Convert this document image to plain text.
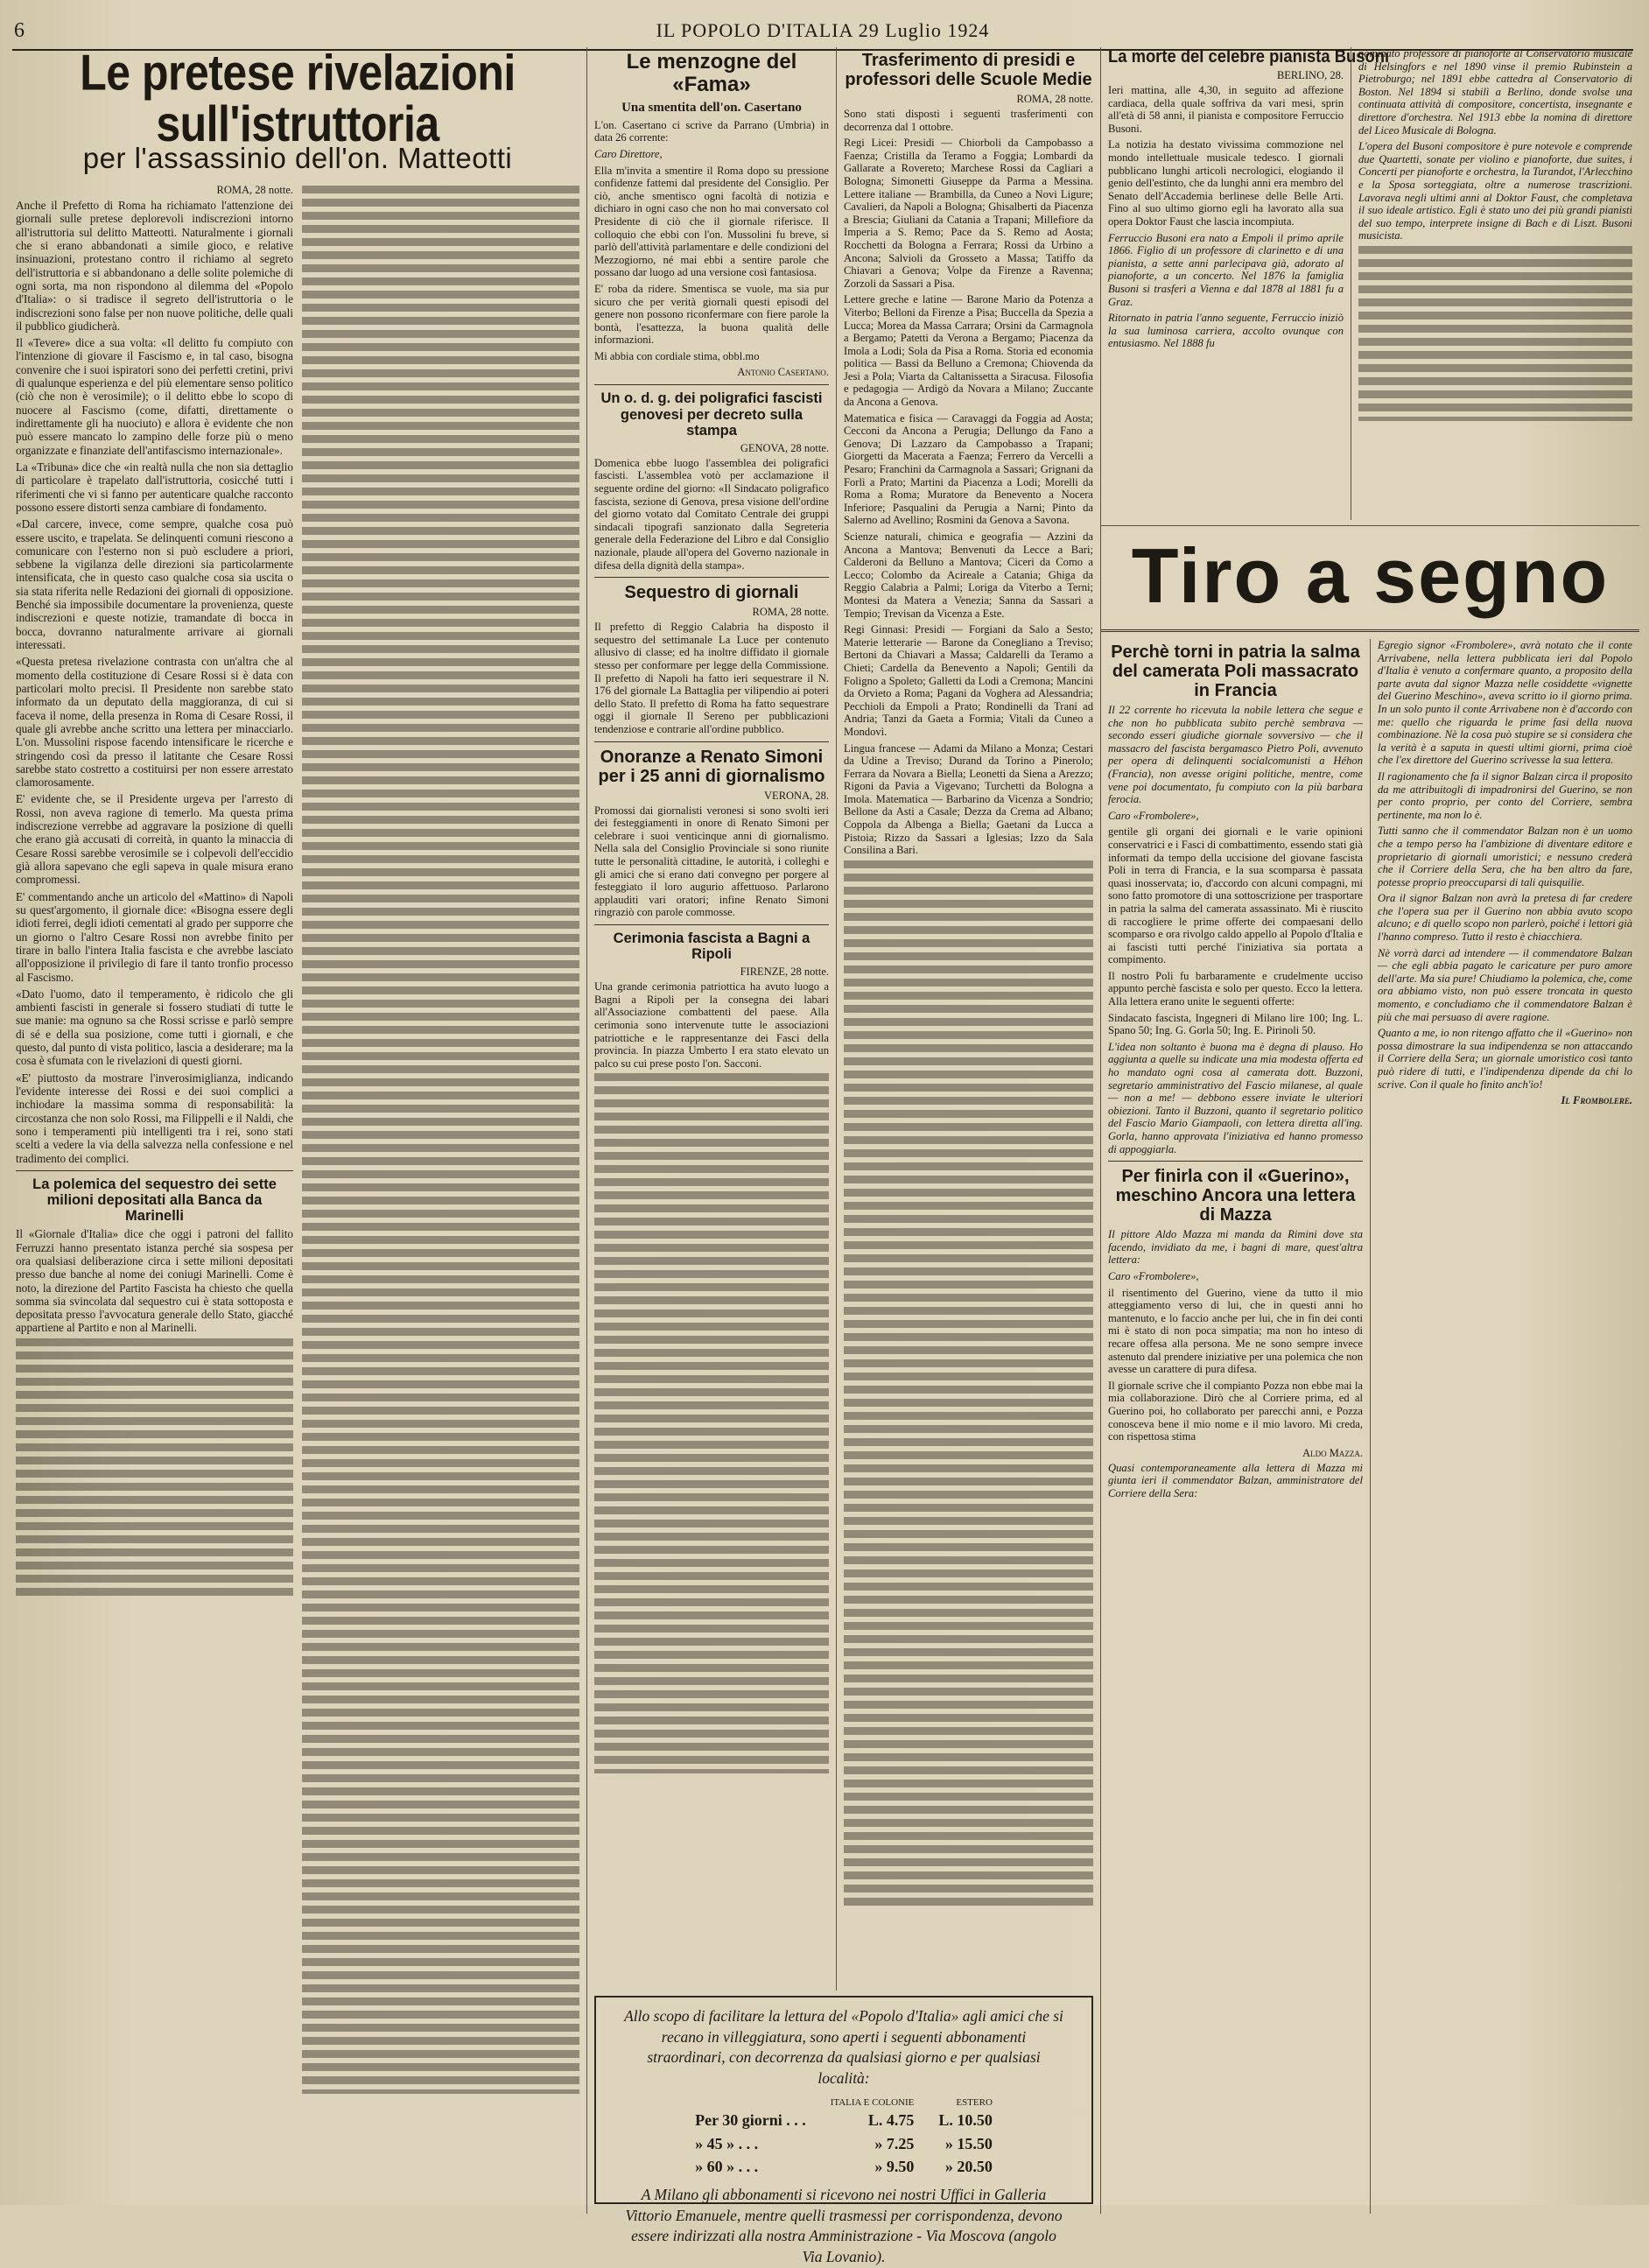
6	IL POPOLO D'ITALIA 29 Luglio 1924
Le pretese rivelazioni sull'istruttoria
per l'assassinio dell'on. Matteotti
ROMA, 28 notte.

Anche il Prefetto di Roma ha richiamato l'attenzione dei giornali sulle pretese deplorevoli indiscrezioni intorno all'istruttoria sul delitto Matteotti. Naturalmente i giornali che si erano abbandonati a simile gioco, e relative insinuazioni, protestano contro il richiamo al segreto dell'istruttoria e si abbandonano a delle solite polemiche di ogni sorta, ma non rispondono al dilemma del «Popolo d'Italia»: o si tradisce il segreto dell'istruttoria o le indiscrezioni sono false per non nuove politiche, delle quali il pubblico giudicherà.

Il «Tevere» dice a sua volta: «Il delitto fu compiuto con l'intenzione di giovare il Fascismo e, in tal caso, bisogna convenire che i suoi ispiratori sono dei perfetti cretini, privi di qualunque esperienza e del più elementare senso politico (ciò che non è verosimile); o il delitto ebbe lo scopo di nuocere al Fascismo (come, difatti, direttamente o indirettamente gli ha nuociuto) e allora è evidente che non può essere mancato lo zampino delle forze più o meno organizzate e finanziate dell'antifascismo internazionale».

La «Tribuna» dice che «in realtà nulla che non sia dettaglio di particolare è trapelato dall'istruttoria, cosicché tutti i riferimenti che vi si fanno per autenticare qualche racconto possono essere distorti senza cambiare di fondamento.

«Dal carcere, invece, come sempre, qualche cosa può essere uscito, e trapelata. Se delinquenti comuni riescono a comunicare con l'esterno non si può escludere a priori, sebbene la vigilanza delle direzioni sia particolarmente intensificata, che in questo caso qualche cosa sia uscita o sia stata riferita nelle Redazioni dei giornali di opposizione. Benché sia impossibile documentare la provenienza, queste indiscrezioni e queste notizie, tramandate di bocca in bocca, dovranno naturalmente arrivare ai giornali interessati.

«Questa pretesa rivelazione contrasta con un'altra che al momento della costituzione di Cesare Rossi si è data con particolari molto precisi. Il Presidente non sarebbe stato informato da un deputato della maggioranza, di cui si faceva il nome, della presenza in Roma di Cesare Rossi, il quale gli avrebbe anche scritto una lettera per minacciarlo. L'on. Mussolini rispose facendo intensificare le ricerche e stringendo così da presso il latitante che Cesare Rossi sarebbe stato costretto a costituirsi per non essere arrestato clamorosamente.

E' evidente che, se il Presidente urgeva per l'arresto di Rossi, non aveva ragione di temerlo. Ma questa prima indiscrezione verrebbe ad aggravare la posizione di quelli che erano già accusati di correità, in quanto la minaccia di Cesare Rossi sarebbe verosimile se i colpevoli dell'eccidio già allora sapevano che egli sapeva in quale misura erano compromessi.

E' commentando anche un articolo del «Mattino» di Napoli su quest'argomento, il giornale dice: «Bisogna essere degli idioti ferrei, degli idioti cementati al grado per supporre che un giorno o l'altro Cesare Rossi non avrebbe finito per tirare in ballo l'intera Italia fascista e che avrebbe lasciato all'opposizione il privilegio di fare il tanto tronfio processo al Fascismo.

«Dato l'uomo, dato il temperamento, è ridicolo che gli ambienti fascisti in generale si fossero studiati di tutte le sue manie: ma ognuno sa che Rossi scrisse e parlò sempre di sé e della sua posizione, come tutti i giornali, e che questo, dal punto di vista politico, lascia a desiderare; ma la cosa è sfumata con le rivelazioni di questi giorni.

«E' piuttosto da mostrare l'inverosimiglianza, indicando l'evidente interesse dei Rossi e dei suoi complici a inchiodare la massima somma di responsabilità: la circostanza che non solo Rossi, ma Filippelli e il Naldi, che sono i temperamenti più intelligenti tra i rei, sono stati scelti a vedere la via della salvezza nella confessione e nel tradimento dei complici.

La polemica del sequestro dei sette milioni depositati alla Banca da Marinelli

Il «Giornale d'Italia» dice che oggi i patroni del fallito Ferruzzi hanno presentato istanza perché sia sospesa per ora qualsiasi deliberazione circa i sette milioni depositati presso due banche al nome dei coniugi Marinelli. Come è noto, la direzione del Partito Fascista ha chiesto che quella somma sia svincolata dal sequestro cui è stata sottoposta e depositata presso l'avvocatura generale dello Stato, giacché appartiene al Partito e non al Marinelli.

Le menzogne del «Fama»
Una smentita dell'on. Casertano

L'on. Casertano ci scrive da Parrano (Umbria) in data 26 corrente:

Caro Direttore,

Ella m'invita a smentire il Roma dopo su pressione confidenze fattemi dal presidente del Consiglio. Per ciò, anche smentisco ogni facoltà di notizia e dichiaro in ogni caso che non ho mai conversato col Presidente di ciò che il giornale riferisce. Il colloquio che ebbi con l'on. Mussolini fu breve, si parlò dell'attività parlamentare e delle condizioni del Mezzogiorno, né mai ebbi a sentire parole che possano dar luogo ad una versione così fantasiosa.

E' roba da ridere. Smentisca se vuole, ma sia pur sicuro che per verità giornali questi episodi del genere non possono riconfermare con fiere parole la bontà, l'esattezza, la buona qualità delle informazioni.

Mi abbia con cordiale stima, obbl.mo

Antonio Casertano.
Un o. d. g. dei poligrafici fascisti genovesi per decreto sulla stampa
GENOVA, 28 notte.

Domenica ebbe luogo l'assemblea dei poligrafici fascisti. L'assemblea votò per acclamazione il seguente ordine del giorno: «Il Sindacato poligrafico fascista, sezione di Genova, presa visione dell'ordine del giorno votato dal Comitato Centrale dei gruppi sindacali tipografi sanzionato dalla Segreteria generale della Federazione del Libro e dal Consiglio nazionale, plaude all'opera del Governo nazionale in difesa della dignità della stampa».

Sequestro di giornali
ROMA, 28 notte.

Il prefetto di Reggio Calabria ha disposto il sequestro del settimanale La Luce per contenuto allusivo di classe; ed ha inoltre diffidato il giornale stesso per conformare per legge della Commissione. Il prefetto di Napoli ha fatto ieri sequestrare il N. 176 del giornale La Battaglia per vilipendio ai poteri dello Stato. Il prefetto di Roma ha fatto sequestrare oggi il giornale Il Sereno per pubblicazioni tendenziose e contrarie all'ordine pubblico.

Onoranze a Renato Simoni per i 25 anni di giornalismo
VERONA, 28.

Promossi dai giornalisti veronesi si sono svolti ieri dei festeggiamenti in onore di Renato Simoni per celebrare i suoi venticinque anni di giornalismo. Nella sala del Consiglio Provinciale si sono riunite tutte le personalità cittadine, le autorità, i colleghi e gli amici che si erano dati convegno per porgere al festeggiato il loro augurio affettuoso. Parlarono applauditi vari oratori; infine Renato Simoni ringraziò con parole commosse.

Cerimonia fascista a Bagni a Ripoli
FIRENZE, 28 notte.

Una grande cerimonia patriottica ha avuto luogo a Bagni a Ripoli per la consegna dei labari all'Associazione combattenti del paese. Alla cerimonia sono intervenute tutte le associazioni patriottiche e le rappresentanze dei Fasci della provincia. In piazza Umberto I era stato elevato un palco su cui prese posto l'on. Sacconi.

Trasferimento di presidi e professori delle Scuole Medie
ROMA, 28 notte.

Sono stati disposti i seguenti trasferimenti con decorrenza dal 1 ottobre.

Regi Licei: Presidi — Chiorboli da Campobasso a Faenza; Cristilla da Teramo a Foggia; Lombardi da Gallarate a Rovereto; Marchese Rossi da Cagliari a Bologna; Simonetti Giuseppe da Parma a Messina. Lettere italiane — Brambilla, da Cuneo a Novi Ligure; Cavalieri, da Napoli a Bologna; Ghisalberti da Piacenza a Brescia; Giuliani da Catania a Trapani; Millefiore da Imperia a S. Remo; Pace da S. Remo ad Aosta; Rocchetti da Bologna a Ferrara; Rossi da Urbino a Ancona; Salvioli da Grosseto a Massa; Tatiffo da Chiavari a Genova; Volpe da Firenze a Ravenna; Zorzoli da Sassari a Pisa.

Lettere greche e latine — Barone Mario da Potenza a Viterbo; Belloni da Firenze a Pisa; Buccella da Spezia a Lucca; Morea da Massa Carrara; Orsini da Carmagnola a Bergamo; Patetti da Verona a Bergamo; Piacenza da Imola a Lodi; Sola da Pisa a Roma. Storia ed economia politica — Bassi da Belluno a Cremona; Chiovenda da Jesi a Pola; Viarta da Caltanissetta a Siracusa. Filosofia e pedagogia — Ardigò da Novara a Milano; Zuccante da Ancona a Genova.

Matematica e fisica — Caravaggi da Foggia ad Aosta; Cecconi da Ancona a Perugia; Dellungo da Fano a Genova; Di Lazzaro da Campobasso a Trapani; Giorgetti da Macerata a Faenza; Ferrero da Vercelli a Pesaro; Franchini da Carmagnola a Sassari; Grignani da Forlì a Prato; Martini da Piacenza a Lodi; Morelli da Roma a Roma; Muratore da Benevento a Nocera Inferiore; Pasqualini da Perugia a Narni; Pinto da Salerno ad Avellino; Rosmini da Genova a Savona.

Scienze naturali, chimica e geografia — Azzini da Ancona a Mantova; Benvenuti da Lecce a Bari; Calderoni da Belluno a Mantova; Ciceri da Como a Lecco; Colombo da Acireale a Catania; Ghiga da Reggio Calabria a Palmi; Loriga da Viterbo a Terni; Montesi da Matera a Venezia; Sanna da Sassari a Tempio; Trevisan da Vicenza a Este.

Regi Ginnasi: Presidi — Forgiani da Salo a Sesto; Materie letterarie — Barone da Conegliano a Treviso; Bertoni da Chiavari a Massa; Caldarelli da Teramo a Chieti; Cardella da Benevento a Napoli; Gentili da Foligno a Spoleto; Galletti da Lodi a Cremona; Mancini da Orvieto a Roma; Pagani da Voghera ad Alessandria; Pecchioli da Empoli a Prato; Rondinelli da Trani ad Andria; Tanzi da Gaeta a Formia; Vitali da Cuneo a Mondovì.

Lingua francese — Adami da Milano a Monza; Cestari da Udine a Treviso; Durand da Torino a Pinerolo; Ferrara da Novara a Biella; Leonetti da Siena a Arezzo; Rigoni da Pavia a Vigevano; Turchetti da Bologna a Imola. Matematica — Barbarino da Vicenza a Sondrio; Bellone da Asti a Casale; Dezza da Crema ad Albano; Coppola da Albenga a Biella; Gaetani da Lucca a Pistoia; Rizzo da Sassari a Iglesias; Izzo da Sala Consilina a Bari.

La morte del celebre pianista Busoni
BERLINO, 28.

Ieri mattina, alle 4,30, in seguito ad affezione cardiaca, della quale soffriva da vari mesi, sprin all'età di 58 anni, il pianista e compositore Ferruccio Busoni.

La notizia ha destato vivissima commozione nel mondo intellettuale musicale tedesco. I giornali pubblicano lunghi articoli necrologici, elogiando il genio dell'estinto, che da lunghi anni era membro del Senato dell'Accademia berlinese delle Belle Arti. Fino al suo ultimo giorno egli ha lavorato alla sua opera Doktor Faust che lascia incompiuta.

Ferruccio Busoni era nato a Empoli il primo aprile 1866. Figlio di un professore di clarinetto e di una pianista, a sette anni parlecipava già, adorato al pianoforte, a un concerto. Nel 1876 la famiglia Busoni si trasferì a Vienna e dal 1878 al 1881 fu a Graz.

Ritornato in patria l'anno seguente, Ferruccio iniziò la sua luminosa carriera, accolto ovunque con entusiasmo. Nel 1888 fu

nominato professore di pianoforte al Conservatorio musicale di Helsingfors e nel 1890 vinse il premio Rubinstein a Pietroburgo; nel 1891 ebbe cattedra al Conservatorio di Boston. Nel 1894 si stabilì a Berlino, donde svolse una continuata attività di compositore, concertista, insegnante e direttore d'orchestra. Nel 1913 ebbe la nomina di direttore del Liceo Musicale di Bologna.

L'opera del Busoni compositore è pure notevole e comprende due Quartetti, sonate per violino e pianoforte, due suites, i Concerti per pianoforte e orchestra, la Turandot, l'Arlecchino e la Sposa sorteggiata, oltre a numerose trascrizioni. Lavorava negli ultimi anni al Doktor Faust, che completava il suo ideale artistico. Egli è stato uno dei più grandi pianisti del suo tempo, interprete insigne di Bach e di Liszt. Busoni musicista.

Tiro a segno
Perchè torni in patria la salma del camerata Poli massacrato in Francia

Il 22 corrente ho ricevuta la nobile lettera che segue e che non ho pubblicata subito perchè sembrava — secondo esseri giudiche giornale sovversivo — che il massacro del fascista bergamasco Pietro Poli, avvenuto per opera di delinquenti socialcomunisti a Héhon (Francia), non avesse origini politiche, mentre, come vene poi documentato, fu compiuto con la più barbara ferocia.

Caro «Frombolere»,

gentile gli organi dei giornali e le varie opinioni conservatrici e i Fasci di combattimento, essendo stati già informati da tempo della uccisione del giovane fascista Poli in terra di Francia, e la sua scomparsa è passata quasi inosservata; io, d'accordo con alcuni compagni, mi sono fatto promotore di una sottoscrizione per trasportare in patria la salma del camerata assassinato. Mi è riuscito di raccogliere le prime offerte dei compaesani dello scomparso e ora rivolgo caldo appello al Popolo d'Italia e ai fascisti tutti perché l'iniziativa sia portata a compimento.

Il nostro Poli fu barbaramente e crudelmente ucciso appunto perchè fascista e solo per questo. Ecco la lettera. Alla lettera erano unite le seguenti offerte:

Sindacato fascista, Ingegneri di Milano lire 100; Ing. L. Spano 50; Ing. G. Gorla 50; Ing. E. Pirinoli 50.

L'idea non soltanto è buona ma è degna di plauso. Ho aggiunta a quelle su indicate una mia modesta offerta ed ho mandato ogni cosa al camerata dott. Buzzoni, segretario amministrativo del Fascio milanese, al quale — non a me! — debbono essere inviate le ulteriori obiezioni. Tanto il Buzzoni, quanto il segretario politico del Fascio Mario Giampaoli, con lettera diretta all'ing. Gorla, hanno approvata l'iniziativa ed hanno promesso di appoggiarla.

Per finirla con il «Guerino», meschino Ancora una lettera di Mazza

Il pittore Aldo Mazza mi manda da Rimini dove sta facendo, invidiato da me, i bagni di mare, quest'altra lettera:

Caro «Frombolere»,

il risentimento del Guerino, viene da tutto il mio atteggiamento verso di lui, che in questi anni ho mantenuto, e lo faccio anche per lui, che in fin dei conti mi è stato di non poca simpatia; ma non ho inteso di recare offesa alla persona. Me ne sono sempre invece astenuto dal prendere iniziative per una polemica che non avesse un carattere di pura difesa.

Il giornale scrive che il compianto Pozza non ebbe mai la mia collaborazione. Dirò che al Corriere prima, ed al Guerino poi, ho collaborato per parecchi anni, e Pozza conosceva bene il mio nome e il mio lavoro. Mi creda, con rispettosa stima

Aldo Mazza.

Quasi contemporaneamente alla lettera di Mazza mi giunta ieri il commendator Balzan, amministratore del Corriere della Sera:

Egregio signor «Frombolere», avrà notato che il conte Arrivabene, nella lettera pubblicata ieri dal Popolo d'Italia è venuto a confermare quanto, a proposito della parte avuta dal signor Mazza nelle cosiddette «vignette del Guerino Meschino», aveva scritto io il giorno prima. In un solo punto il conte Arrivabene non è d'accordo con me: quello che riguarda le prime fasi della nuova combinazione. Nè la cosa può stupire se si considera che la verità è a saputa in questi ultimi giorni, prima cioè che l'ex direttore del Guerino scrivesse la sua lettera.

Il ragionamento che fa il signor Balzan circa il proposito da me attribuitogli di impadronirsi del Guerino, se non per conto proprio, per conto del Corriere, sembra pertinente, ma non lo è.

Tutti sanno che il commendator Balzan non è un uomo che a tempo perso ha l'ambizione di diventare editore e proprietario di giornali umoristici; e nessuno crederà che il Corriere della Sera, che ha ben altro da fare, potesse proprio preoccuparsi di tali quisquilie.

Ora il signor Balzan non avrà la pretesa di far credere che l'opera sua per il Guerino non abbia avuto scopo alcuno; e di quello scopo non parlerò, poiché i lettori già l'hanno compreso. Tutto il resto è chiacchiera.

Nè vorrà darci ad intendere — il commendatore Balzan — che egli abbia pagato le caricature per puro amore dell'arte. Ma sia pure! Chiudiamo la polemica, che, come ora abbiamo visto, non può essere troncata in questo momento, e concludiamo che il commendatore Balzan è più che mai persuaso di avere ragione.

Quanto a me, io non ritengo affatto che il «Guerino» non possa dimostrare la sua indipendenza se non attaccando il Corriere della Sera; un giornale umoristico così tanto può ridere di tutti, e l'indipendenza dipende da chi lo scrive. Con il quale ho finito anch'io!

Il Frombolere.
Allo scopo di facilitare la lettura del «Popolo d'Italia» agli amici che si recano in villeggiatura, sono aperti i seguenti abbonamenti straordinari, con decorrenza da qualsiasi giorno e per qualsiasi località:
	ITALIA E COLONIE	ESTERO
Per 30 giorni . . .	L. 4.75	L. 10.50
» 45 » . . .	» 7.25	» 15.50
» 60 » . . .	» 9.50	» 20.50
A Milano gli abbonamenti si ricevono nei nostri Uffici in Galleria Vittorio Emanuele, mentre quelli trasmessi per corrispondenza, devono essere indirizzati alla nostra Amministrazione - Via Moscova (angolo Via Lovanio).
